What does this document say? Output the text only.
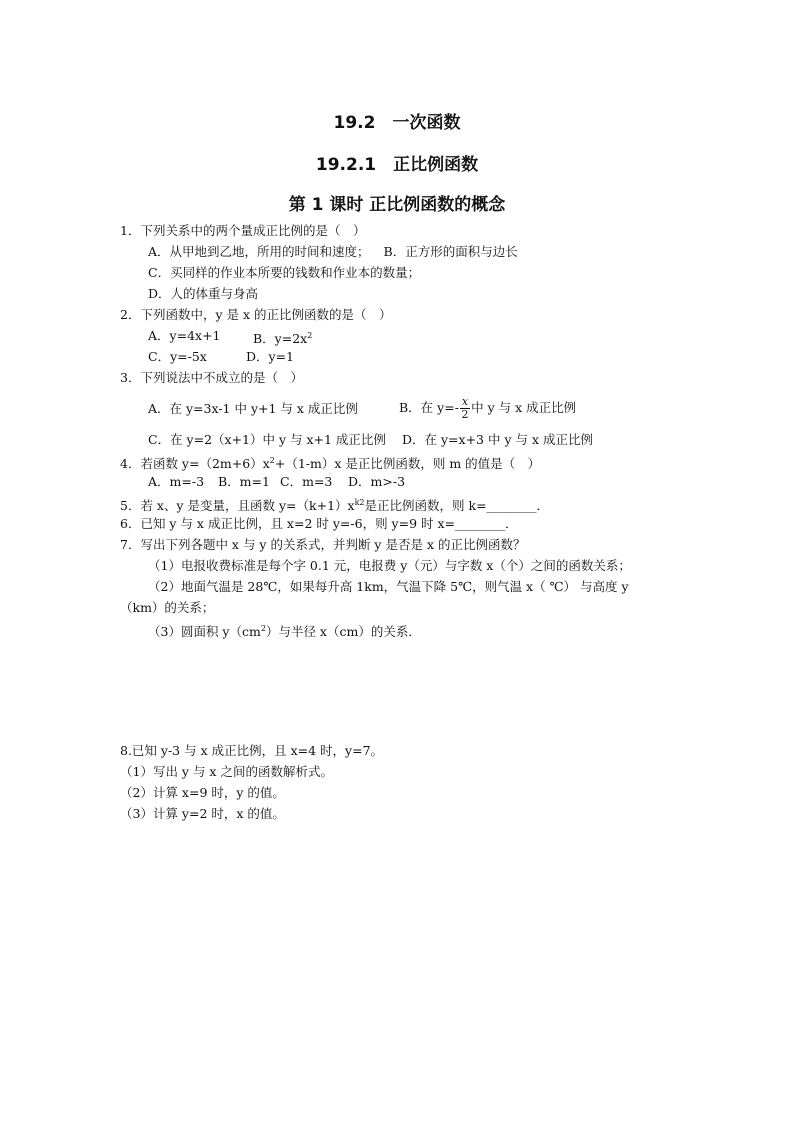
19.2　一次函数
19.2.1　正比例函数
第 1 课时 正比例函数的概念
1．下列关系中的两个量成正比例的是（　）
A．从甲地到乙地，所用的时间和速度； B．正方形的面积与边长
C．买同样的作业本所要的钱数和作业本的数量；
D．人的体重与身高
2．下列函数中，y 是 x 的正比例函数的是（　）
A．y=4x+1	B．$y=2x^2$
C．y=-5x	D．y=1
3．下列说法中不成立的是（　）
A．在 y=3x-1 中 y+1 与 x 成正比例	B．在 $y=- \frac{x}{2}$ 中 y 与 x 成正比例
C．在 y=2（x+1）中 y 与 x+1 成正比例 D．在 y=x+3 中 y 与 x 成正比例
4．若函数 $y=(2m+6)x^2+(1-m)x$ 是正比例函数，则 m 的值是（　）
A．m=-3 B．m=1 C．m=3 D．m>-3
5．若 x、y 是变量，且函数 $y=(k+1)x^{k2}$是正比例函数，则 k=________．
6．已知 y 与 x 成正比例，且 x=2 时 y=-6，则 y=9 时 x=________．
7．写出下列各题中 x 与 y 的关系式，并判断 y 是否是 x 的正比例函数？
（1）电报收费标准是每个字 0.1 元，电报费 y（元）与字数 x（个）之间的函数关系；
（2）地面气温是 28℃，如果每升高 1km，气温下降 5℃，则气温 x（ ℃） 与高度 y
（km）的关系；
（3）圆面积 $y(cm^2)$与半径 x（cm）的关系．
8.已知 y-3 与 x 成正比例，且 x=4 时，y=7。
（1）写出 y 与 x 之间的函数解析式。
（2）计算 x=9 时，y 的值。
（3）计算 y=2 时，x 的值。
